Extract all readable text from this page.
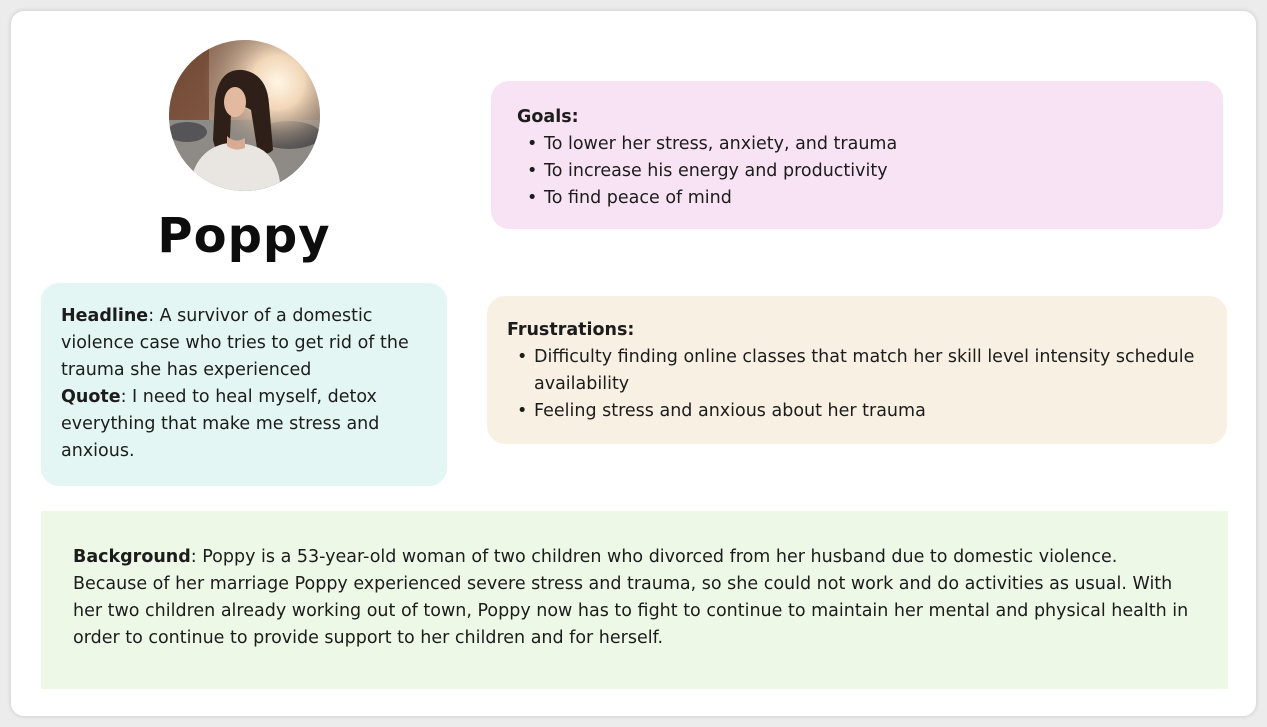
Poppy
Goals:
• To lower her stress, anxiety, and trauma
• To increase his energy and productivity
• To find peace of mind
Frustrations:
• Difficulty finding online classes that match her skill level intensity schedule availability
• Feeling stress and anxious about her trauma
Headline: A survivor of a domestic violence case who tries to get rid of the trauma she has experienced
Quote: I need to heal myself, detox everything that make me stress and anxious.
Background: Poppy is a 53-year-old woman of two children who divorced from her husband due to domestic violence. Because of her marriage Poppy experienced severe stress and trauma, so she could not work and do activities as usual. With her two children already working out of town, Poppy now has to fight to continue to maintain her mental and physical health in order to continue to provide support to her children and for herself.
